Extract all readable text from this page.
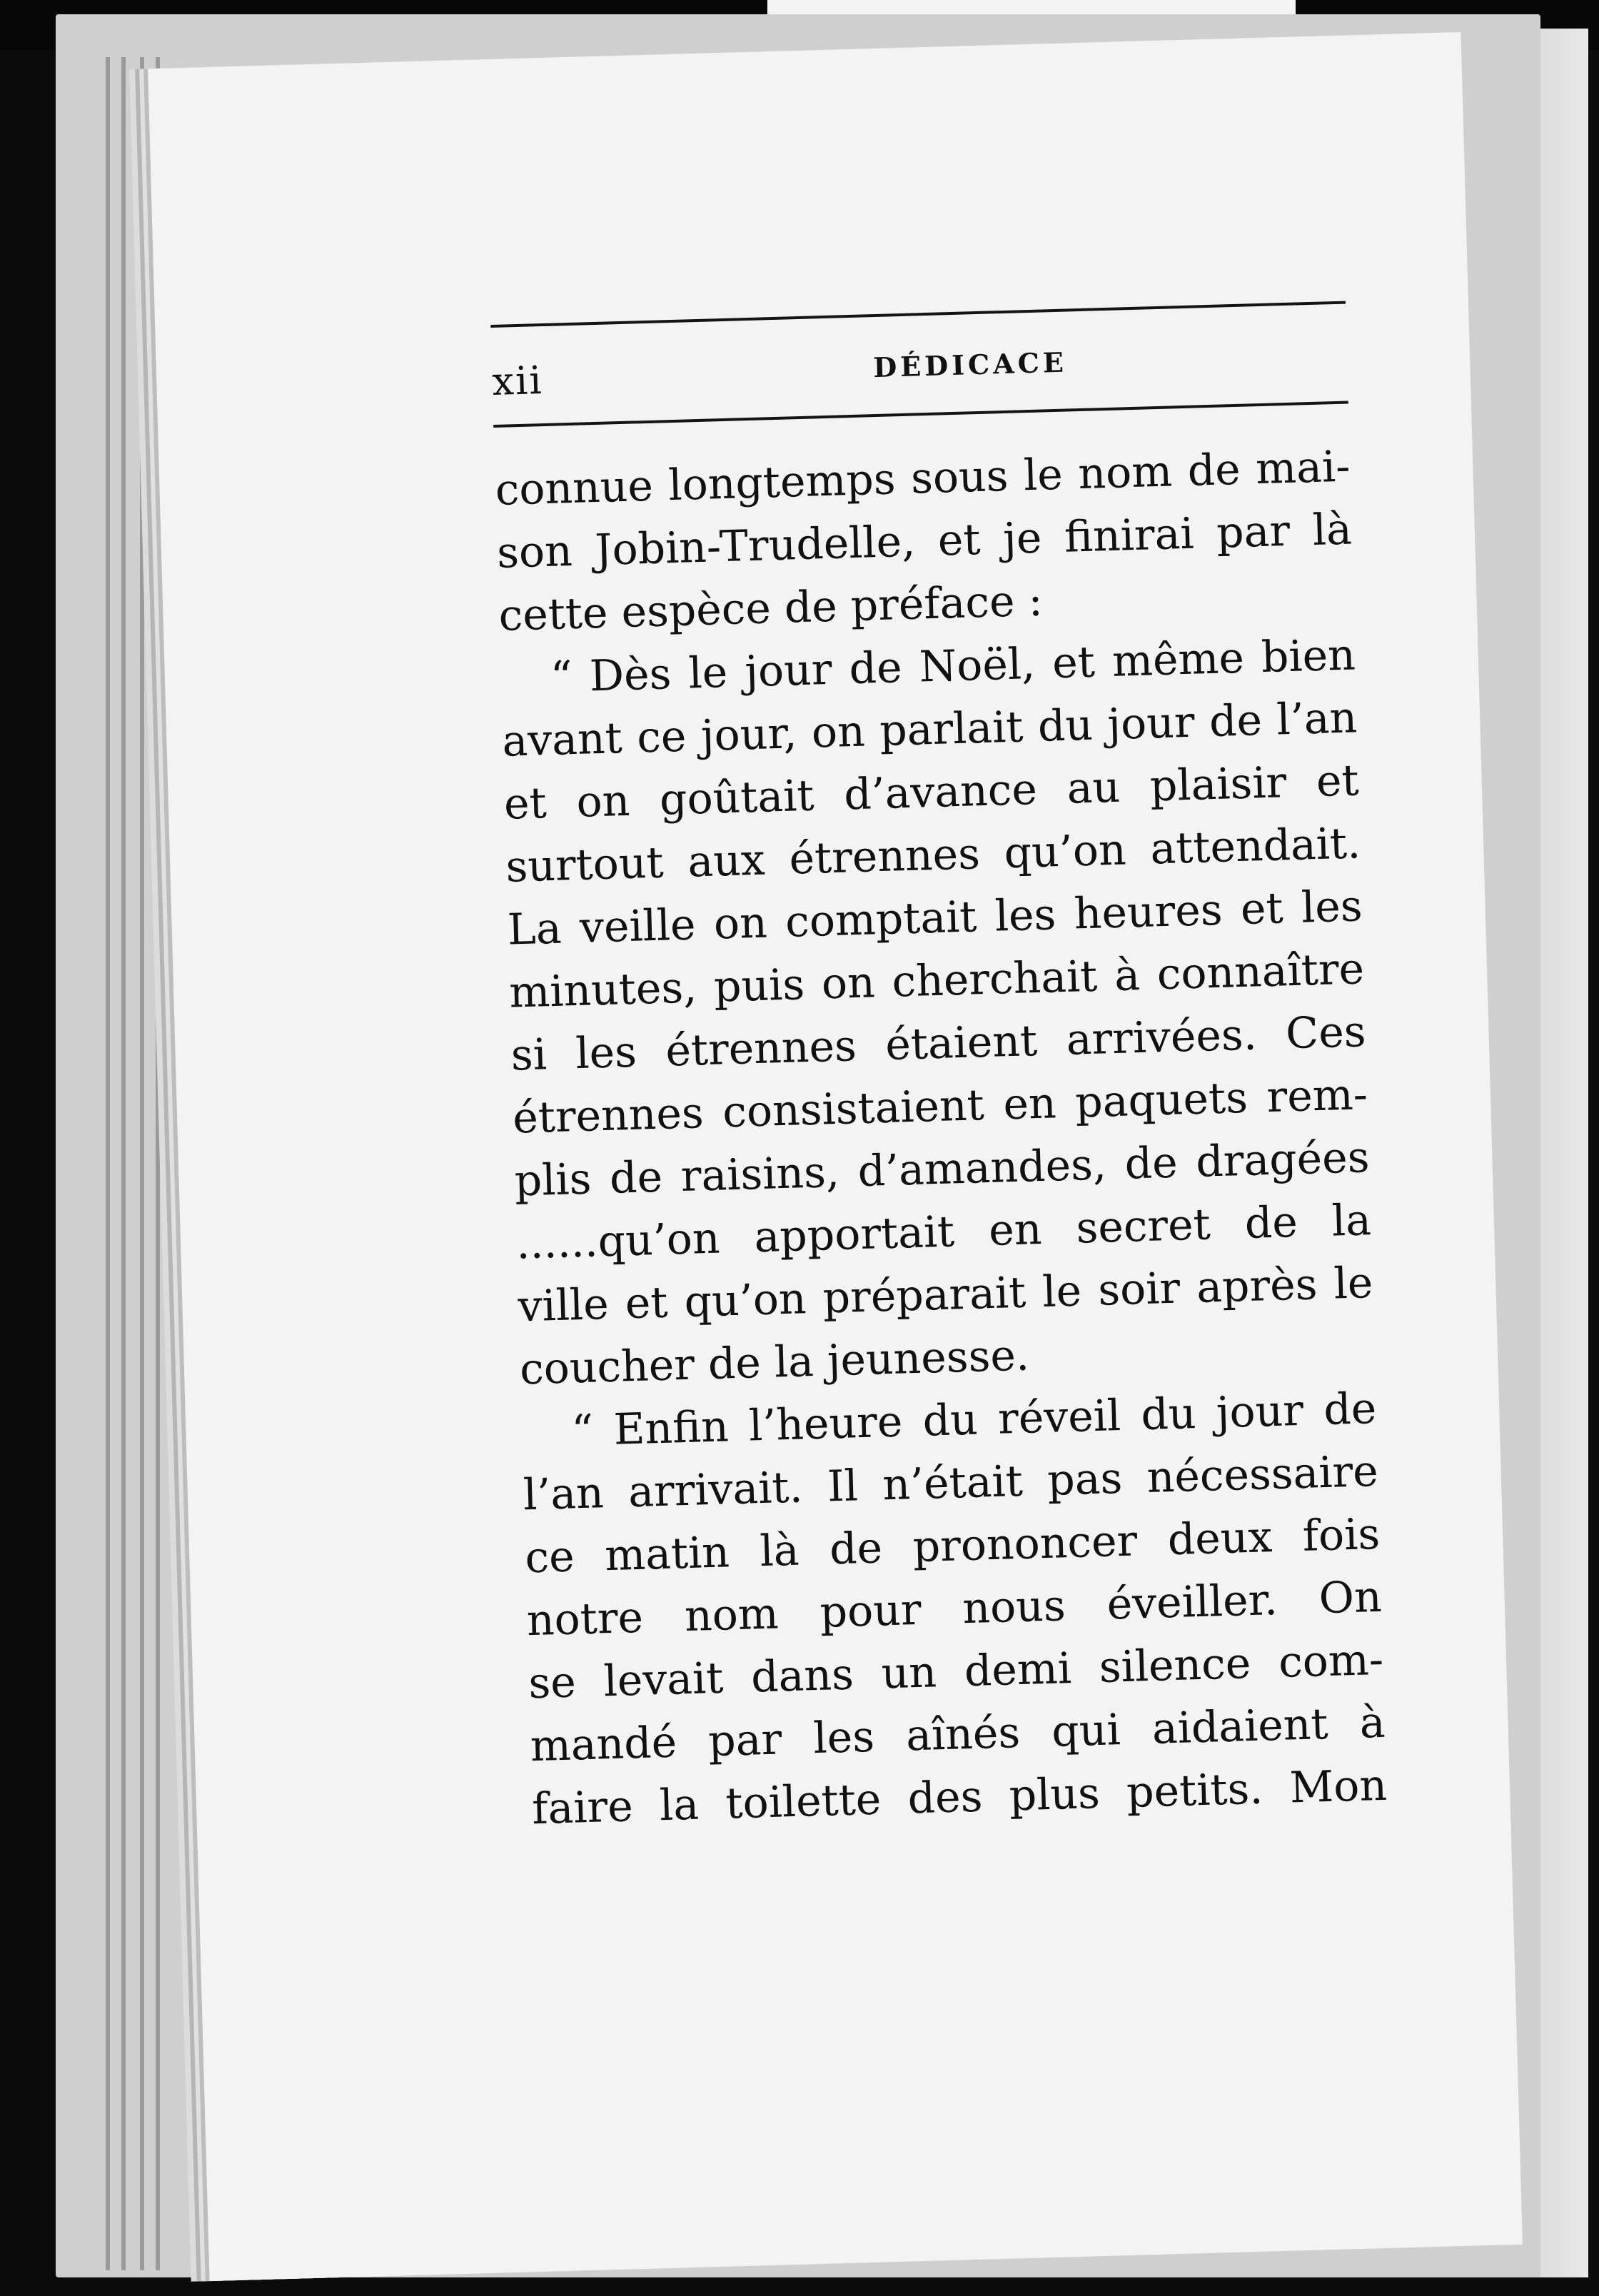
xii	DÉDICACE
connue longtemps sous le nom de mai-
son Jobin-Trudelle, et je finirai par là
cette espèce de préface :
“ Dès le jour de Noël, et même bien
avant ce jour, on parlait du jour de l’an
et on goûtait d’avance au plaisir et
surtout aux étrennes qu’on attendait.
La veille on comptait les heures et les
minutes, puis on cherchait à connaître
si les étrennes étaient arrivées. Ces
étrennes consistaient en paquets rem-
plis de raisins, d’amandes, de dragées
......qu’on apportait en secret de la
ville et qu’on préparait le soir après le
coucher de la jeunesse.
“ Enfin l’heure du réveil du jour de
l’an arrivait. Il n’était pas nécessaire
ce matin là de prononcer deux fois
notre nom pour nous éveiller. On
se levait dans un demi silence com-
mandé par les aînés qui aidaient à
faire la toilette des plus petits. Mon
